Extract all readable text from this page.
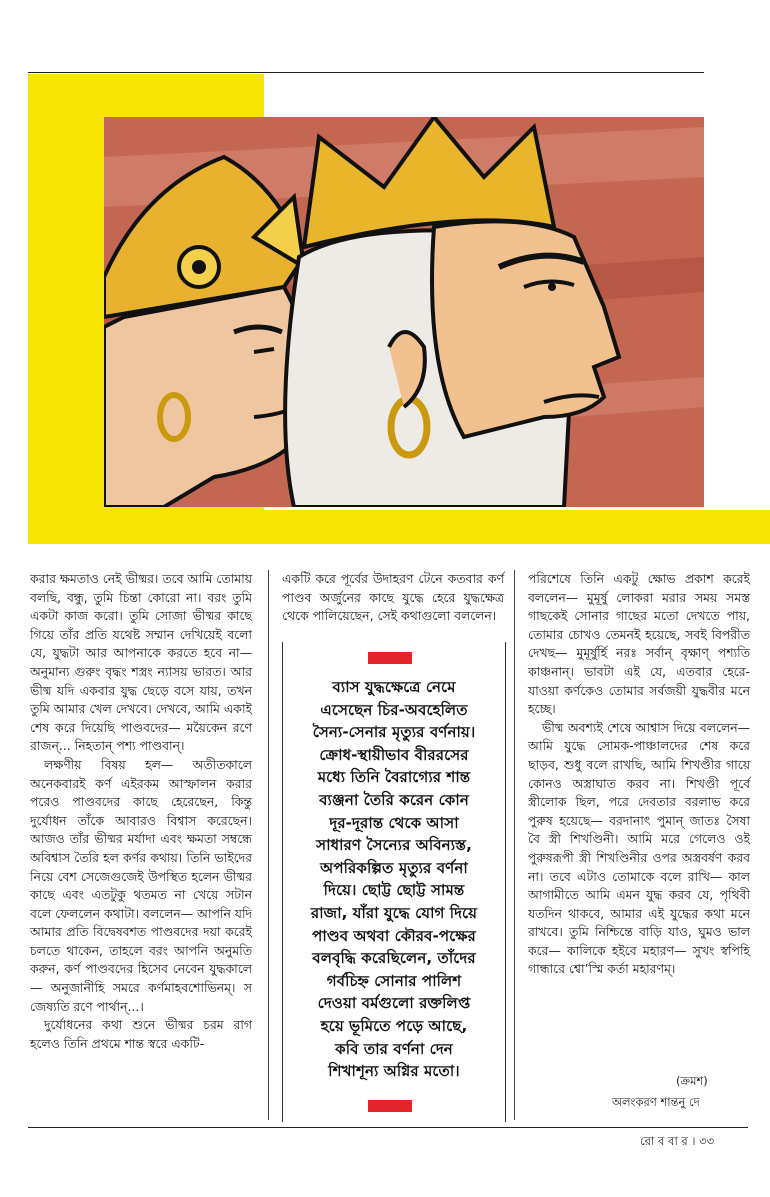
করার ক্ষমতাও নেই ভীষ্মর। তবে আমি তোমায় বলছি, বন্ধু, তুমি চিন্তা কোরো না। বরং তুমি একটা কাজ করো। তুমি সোজা ভীষ্মর কাছে গিয়ে তাঁর প্রতি যথেষ্ট সম্মান দেখিয়েই বলো যে, যুদ্ধটা আর আপনাকে করতে হবে না— অনুমান্য গুরুং বৃদ্ধং শস্ত্রং ন্যাসয় ভারত। আর ভীষ্ম যদি একবার যুদ্ধ ছেড়ে বসে যায়, তখন তুমি আমার খেল দেখবে। দেখবে, আমি একাই শেষ করে দিয়েছি পাণ্ডবদের— ময়ৈকেন রণে রাজন্... নিহতান্ পশ্য পাণ্ডবান্।

লক্ষণীয় বিষয় হল— অতীতকালে অনেকবারই কর্ণ এইরকম আস্ফালন করার পরেও পাণ্ডবদের কাছে হেরেছেন, কিন্তু দুর্যোধন তাঁকে আবারও বিশ্বাস করেছেন। আজও তাঁর ভীষ্মর মর্যাদা এবং ক্ষমতা সম্বন্ধে অবিশ্বাস তৈরি হল কর্ণর কথায়। তিনি ভাইদের নিয়ে বেশ সেজেগুজেই উপস্থিত হলেন ভীষ্মর কাছে এবং এতটুকু থতমত না খেয়ে সটান বলে ফেললেন কথাটা। বললেন— আপনি যদি আমার প্রতি বিদ্বেষবশত পাণ্ডবদের দয়া করেই চলতে থাকেন, তাহলে বরং আপনি অনুমতি করুন, কর্ণ পাণ্ডবদের হিসেব নেবেন যুদ্ধকালে— অনুজানীহি সমরে কর্ণমাহবশোভিনম্। স জেষ্যতি রণে পার্থান্...।

দুর্যোধনের কথা শুনে ভীষ্মর চরম রাগ হলেও তিনি প্রথমে শান্ত স্বরে একটি-

একটি করে পূর্বের উদাহরণ টেনে কতবার কর্ণ পাণ্ডব অর্জুনের কাছে যুদ্ধে হেরে যুদ্ধক্ষেত্র থেকে পালিয়েছেন, সেই কথাগুলো বললেন।

ব্যাস যুদ্ধক্ষেত্রে নেমে
এসেছেন চির-অবহেলিত
সৈন্য-সেনার মৃত্যুর বর্ণনায়।
ক্রোধ-স্থায়ীভাব বীররসের
মধ্যে তিনি বৈরাগ্যের শান্ত
ব্যঞ্জনা তৈরি করেন কোন
দূর-দূরান্ত থেকে আসা
সাধারণ সৈন্যের অবিন্যস্ত,
অপরিকল্পিত মৃত্যুর বর্ণনা
দিয়ে। ছোট্ট ছোট্ট সামন্ত
রাজা, যাঁরা যুদ্ধে যোগ দিয়ে
পাণ্ডব অথবা কৌরব-পক্ষের
বলবৃদ্ধি করেছিলেন, তাঁদের
গর্বচিহ্ন সোনার পালিশ
দেওয়া বর্মগুলো রক্তলিপ্ত
হয়ে ভূমিতে পড়ে আছে,
কবি তার বর্ণনা দেন
শিখাশূন্য অগ্নির মতো।

পরিশেষে তিনি একটু ক্ষোভ প্রকাশ করেই বললেন— মুমূর্ষু লোকরা মরার সময় সমস্ত গাছকেই সোনার গাছের মতো দেখতে পায়, তোমার চোখও তেমনই হয়েছে, সবই বিপরীত দেখছ— মুমূর্ষুর্হি নরঃ সর্বান্ বৃক্ষাণ্ পশ্যতি কাঞ্চনান্। ভাবটা এই যে, এতবার হেরে-যাওয়া কর্ণকেও তোমার সর্বজয়ী যুদ্ধবীর মনে হচ্ছে।

ভীষ্ম অবশ্যই শেষে আশ্বাস দিয়ে বললেন— আমি যুদ্ধে সোমক-পাঞ্চালদের শেষ করে ছাড়ব, শুধু বলে রাখছি, আমি শিখণ্ডীর গায়ে কোনও অস্ত্রাঘাত করব না। শিখণ্ডী পূর্বে স্ত্রীলোক ছিল, পরে দেবতার বরলাভ করে পুরুষ হয়েছে— বরদানাৎ পুমান্ জাতঃ সৈষা বৈ স্ত্রী শিখণ্ডিনী। আমি মরে গেলেও ওই পুরুষরূপী স্ত্রী শিখণ্ডিনীর ওপর অস্ত্রবর্ষণ করব না। তবে এটাও তোমাকে বলে রাখি— কাল আগামীতে আমি এমন যুদ্ধ করব যে, পৃথিবী যতদিন থাকবে, আমার এই যুদ্ধের কথা মনে রাখবে। তুমি নিশ্চিন্তে বাড়ি যাও, ঘুমও ভাল করে— কালিকে হইবে মহারণ— সুখং স্বপিহি গান্ধারে শ্বো’স্মি কর্তা মহারণম্।

(ক্রমশ)
অলংকরণ শান্তনু দে
রো ব বা র । ৩৩
